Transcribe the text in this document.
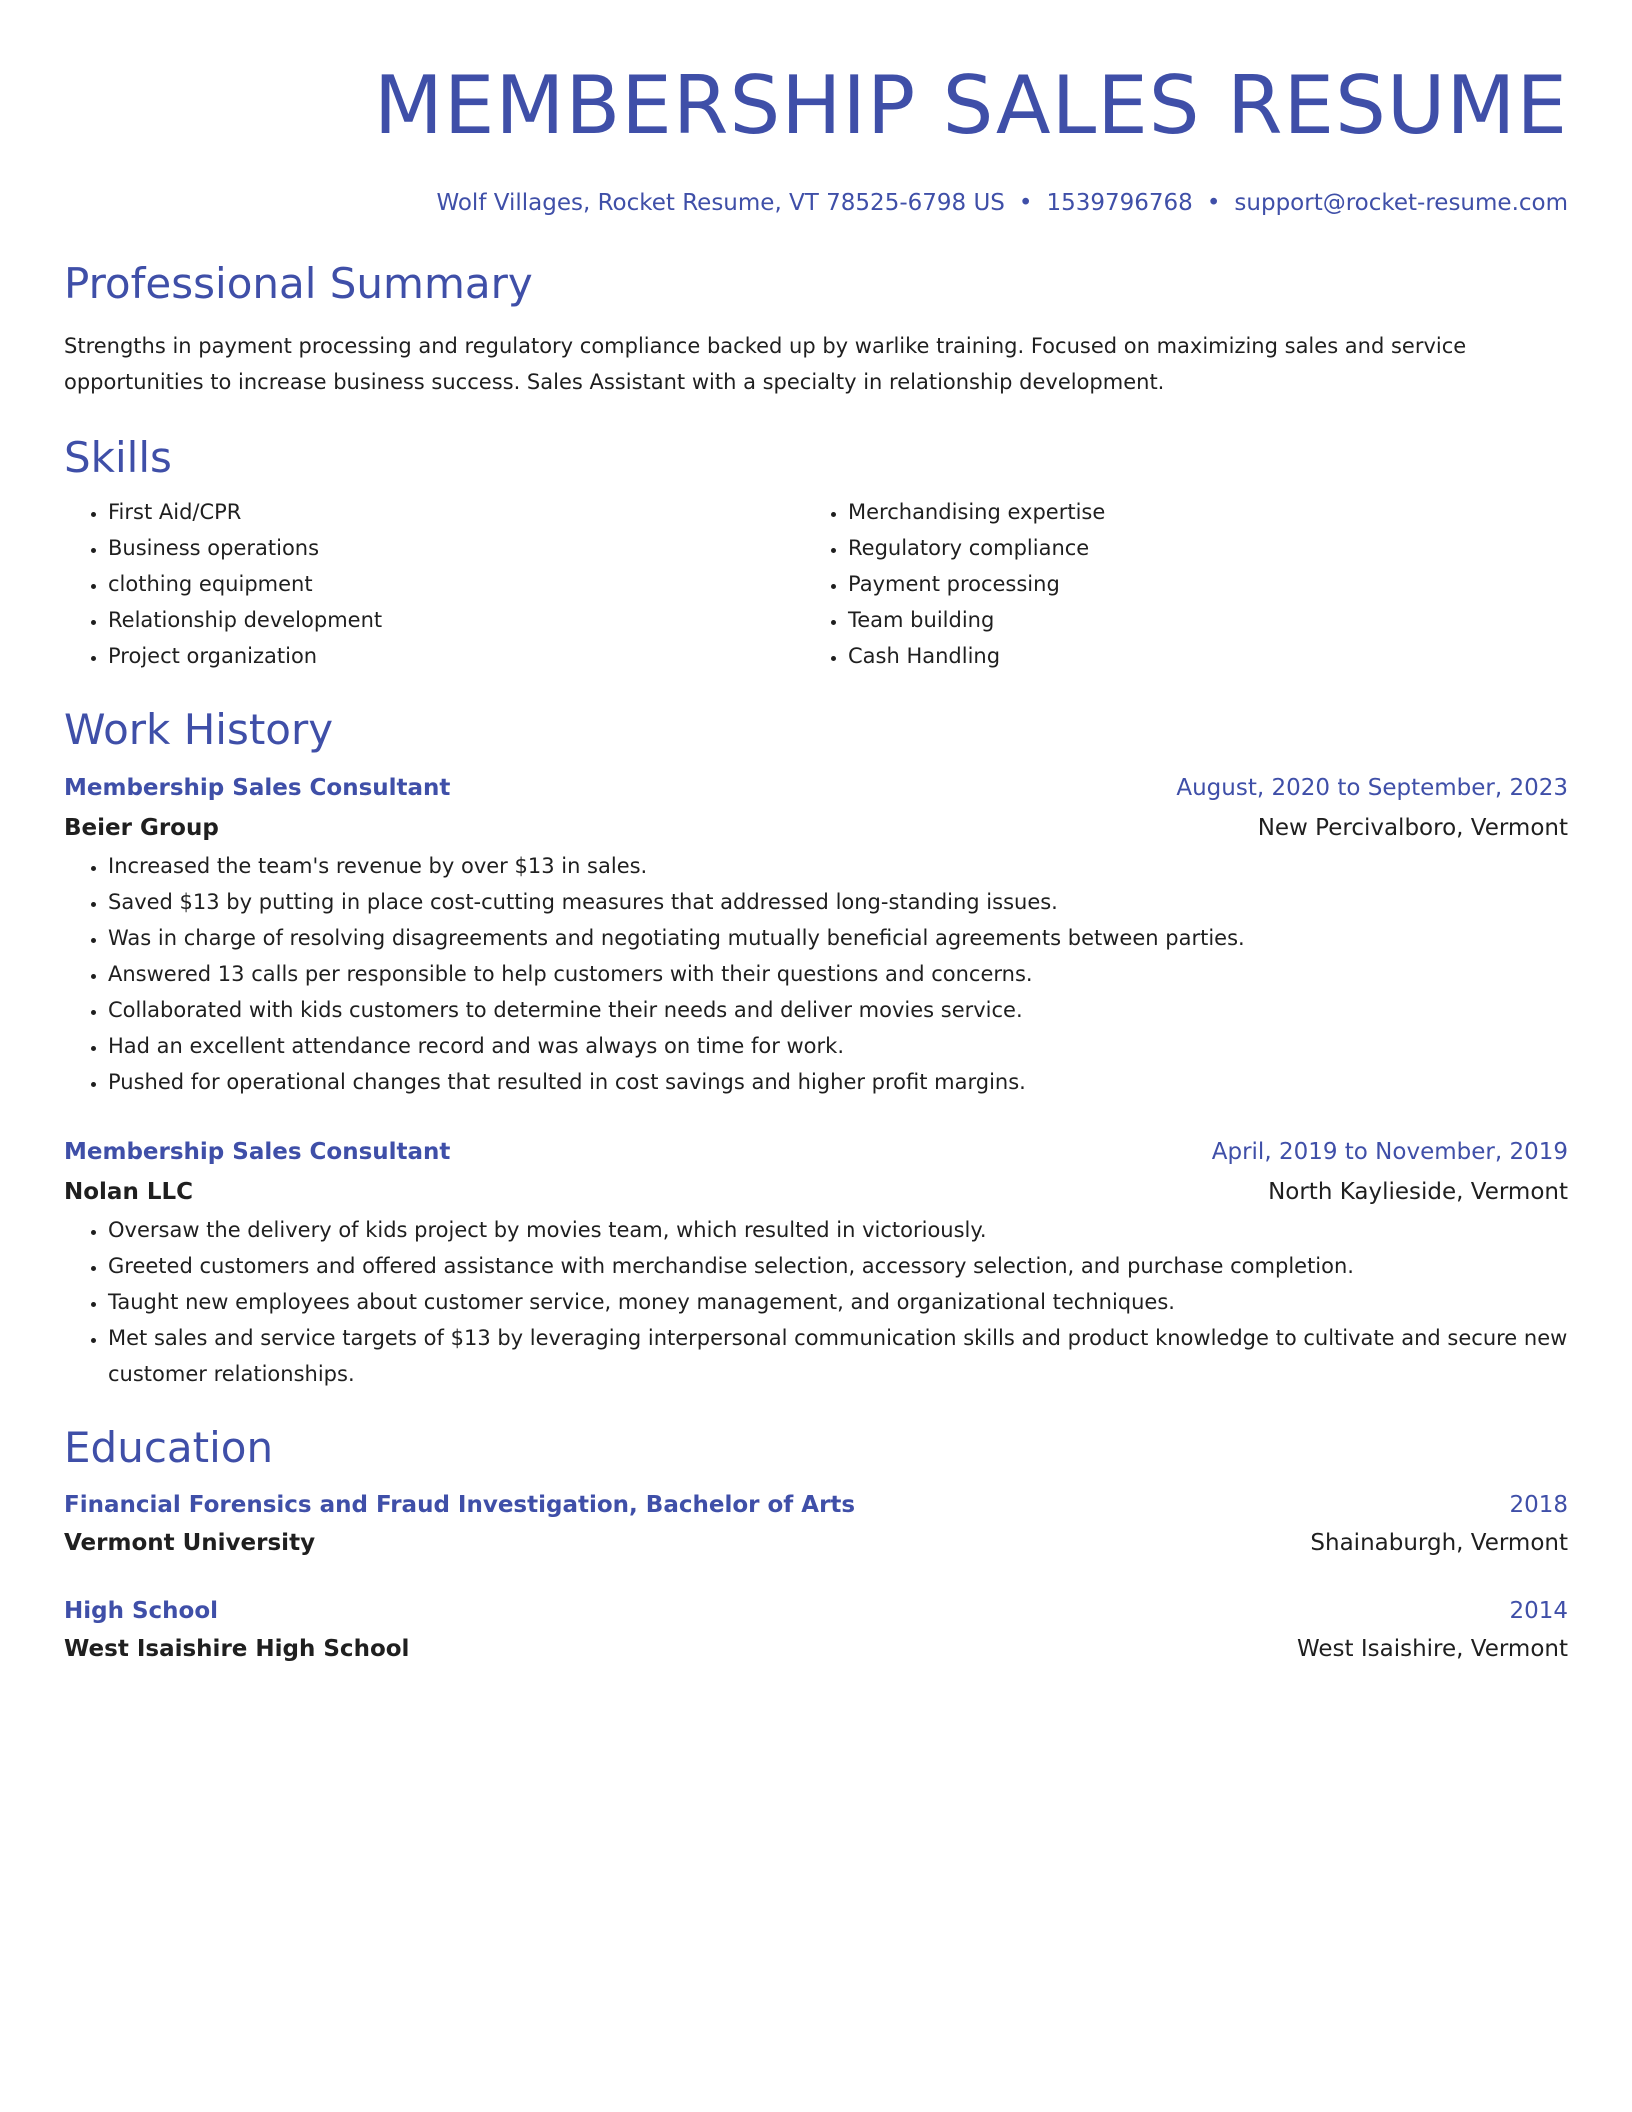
MEMBERSHIP SALES RESUME
Wolf Villages, Rocket Resume, VT 78525-6798 US • 1539796768 • support@rocket-resume.com
Professional Summary
Strengths in payment processing and regulatory compliance backed up by warlike training. Focused on maximizing sales and service opportunities to increase business success. Sales Assistant with a specialty in relationship development.
Skills
• First Aid/CPR
• Business operations
• clothing equipment
• Relationship development
• Project organization
• Merchandising expertise
• Regulatory compliance
• Payment processing
• Team building
• Cash Handling
Work History
Membership Sales Consultant	August, 2020 to September, 2023
Beier Group	New Percivalboro, Vermont
• Increased the team's revenue by over $13 in sales.
• Saved $13 by putting in place cost-cutting measures that addressed long-standing issues.
• Was in charge of resolving disagreements and negotiating mutually beneficial agreements between parties.
• Answered 13 calls per responsible to help customers with their questions and concerns.
• Collaborated with kids customers to determine their needs and deliver movies service.
• Had an excellent attendance record and was always on time for work.
• Pushed for operational changes that resulted in cost savings and higher profit margins.
Membership Sales Consultant	April, 2019 to November, 2019
Nolan LLC	North Kaylieside, Vermont
• Oversaw the delivery of kids project by movies team, which resulted in victoriously.
• Greeted customers and offered assistance with merchandise selection, accessory selection, and purchase completion.
• Taught new employees about customer service, money management, and organizational techniques.
• Met sales and service targets of $13 by leveraging interpersonal communication skills and product knowledge to cultivate and secure new customer relationships.
Education
Financial Forensics and Fraud Investigation, Bachelor of Arts	2018
Vermont University	Shainaburgh, Vermont
High School	2014
West Isaishire High School	West Isaishire, Vermont
